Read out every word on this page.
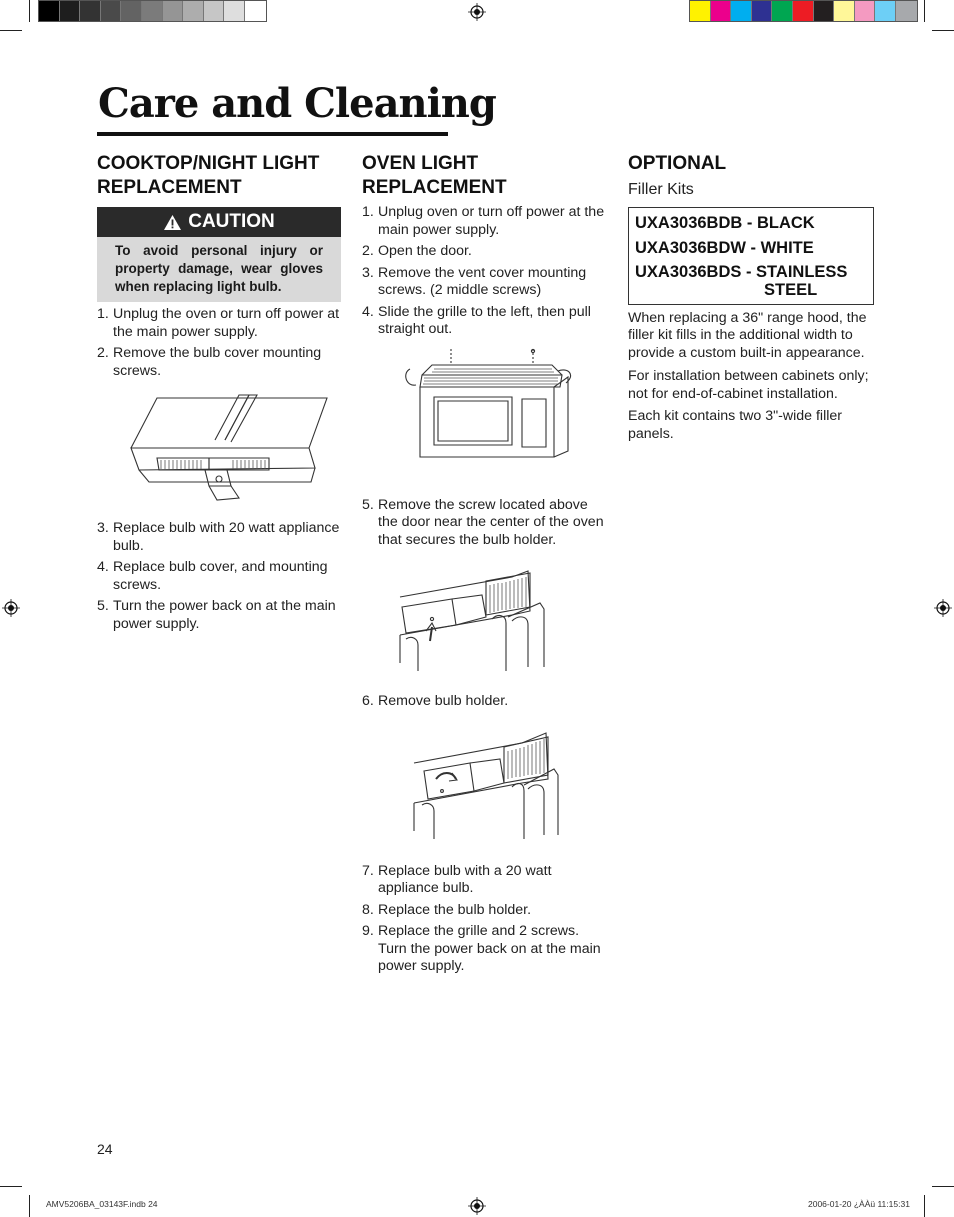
Care and Cleaning
COOKTOP/NIGHT LIGHT REPLACEMENT
CAUTION

To avoid personal injury or property damage, wear gloves when replacing light bulb.

1. Unplug the oven or turn off power at the main power supply.
2. Remove the bulb cover mounting screws.
3. Replace bulb with 20 watt appliance bulb.
4. Replace bulb cover, and mounting screws.
5. Turn the power back on at the main power supply.
OVEN LIGHT REPLACEMENT
1. Unplug oven or turn off power at the main power supply.
2. Open the door.
3. Remove the vent cover mounting screws. (2 middle screws)
4. Slide the grille to the left, then pull straight out.
5. Remove the screw located above the door near the center of the oven that secures the bulb holder.
6. Remove bulb holder.
7. Replace bulb with a 20 watt appliance bulb.
8. Replace the bulb holder.
9. Replace the grille and 2 screws. Turn the power back on at the main power supply.
OPTIONAL

Filler Kits

UXA3036BDB - BLACK
UXA3036BDW - WHITE
UXA3036BDS - STAINLESS
STEEL

When replacing a 36" range hood, the filler kit fills in the additional width to provide a custom built-in appearance.

For installation between cabinets only; not for end-of-cabinet installation.

Each kit contains two 3"-wide filler panels.

24
AMV5206BA_03143F.indb 24	2006-01-20 ¿ÀÀü 11:15:31
